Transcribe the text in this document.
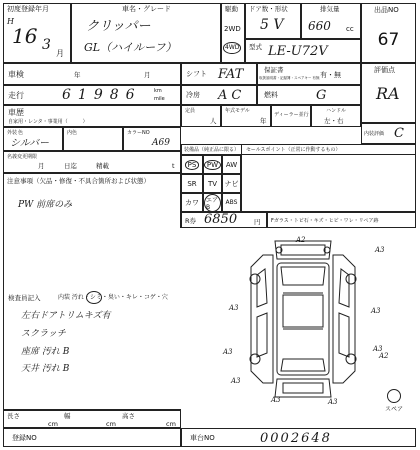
初度登録年月
H
16 3
月
車名・グレード
クリッパー
GL（ハイルーフ）
駆動
2WD
4WD
ドア数・形状
5 V
排気量
660 cc
型式 LE-U72V
出品NO
67
車検	年	月	シフト FAT	保証書
取扱説明書・記録簿・スペアキー 有無 有・無
評価点
RA
走行	61986 km
mile	冷房 AC	燃料	G
車歴
自家用・レンタ・事業用（　　　）
定員
人
年式モデル
年
ディーラー並行
ハンドル
左・右
内装評価 C
外装 色
シルバー
内色	カラーNO
A69
装備品（純正品に限る） セールスポイント（正常に作動するもの）
名義変更期限
月	日迄	精載	t
注意事項（欠品・修復・不具合箇所および状態）
PW 前席のみ
PS	PW	AW
SR TV ナビ
カワ	エアB
ABS
R券 6850	円 Fガラス・トビ石・キズ・ヒビ・ワレ・リペア跡
検査員記入	内装 汚れ・シミ・臭い・キレ・コゲ・穴
左右ドアトリムキズ有
スクラッチ
座席 汚れ B
天井 汚れ B
A2
A3
A3	A3
A3	A3
A2
A3
A3	A3
スペア
長さ
cm
幅
cm
高さ
cm
登録NO	車台NO	0002648
